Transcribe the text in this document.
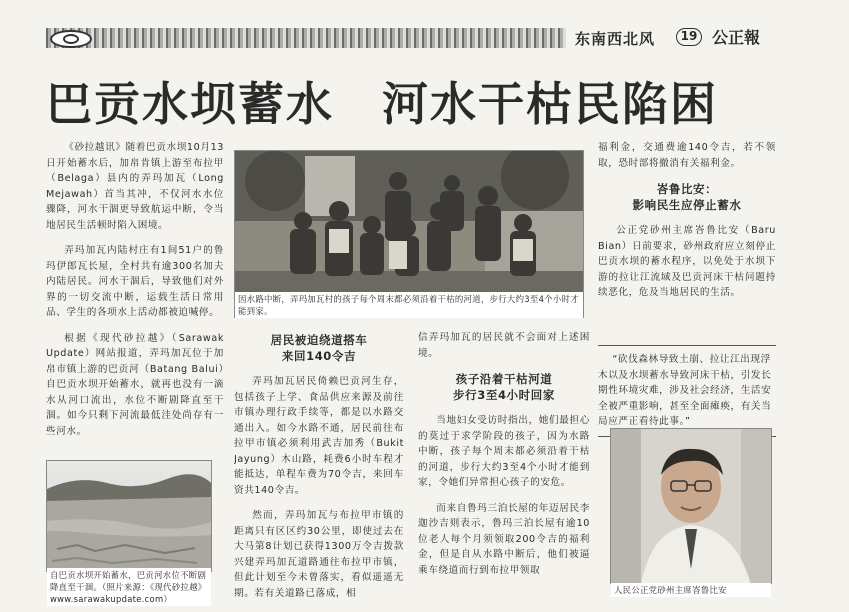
东南西北风	19 公正報
巴贡水坝蓄水　河水干枯民陷困

《砂拉越讯》随着巴贡水坝10月13日开始蓄水后，加帛肯镇上游至布拉甲（Belaga）县内的弄玛加瓦（Long Mejawah）首当其冲，不仅河水水位骤降，河水干涸更导致航运中断，令当地居民生活顿时陷入困境。

弄玛加瓦内陆村庄有1间51户的鲁玛伊郎瓦长屋，全村共有逾300名加夫内陆居民。河水干涸后，导致他们对外界的一切交流中断，运载生活日常用品、学生的各项水上活动都被迫喊停。

根据《现代砂拉越》（Sarawak Update）网站报道，弄玛加瓦位于加帛市镇上游的巴贡河（Batang Balui）自巴贡水坝开始蓄水，就再也没有一滴水从河口流出，水位不断剧降直至干涸。如今只剩下河流最低洼处尚存有一些河水。

自巴贡水坝开始蓄水，巴贡河水位不断剧降直至干涸。（照片来源：《现代砂拉越》www.sarawakupdate.com）
因水路中断，弄玛加瓦村的孩子每个周末都必须沿着干枯的河道，步行大约3至4个小时才能到家。
居民被迫绕道搭车
来回140令吉

弄玛加瓦居民倚赖巴贡河生存，包括孩子上学、食品供应来源及前往市镇办理行政手续等，都是以水路交通出入。如今水路不通，居民前往布拉甲市镇必须利用武吉加秀（Bukit Jayung）木山路，耗费6小时车程才能抵达，单程车费为70令吉，来回车资共140令吉。

然而，弄玛加瓦与布拉甲市镇的距离只有区区约30公里，即使过去在大马第8计划已获得1300万令吉拨款兴建弄玛加瓦道路通往布拉甲市镇，但此计划至今未曾落实，看似遥遥无期。若有关道路已落成，相

信弄玛加瓦的居民就不会面对上述困境。

孩子沿着干枯河道
步行3至4小时回家

当地妇女受访时指出，她们最担心的莫过于求学阶段的孩子，因为水路中断，孩子每个周末都必须沿着干枯的河道，步行大约3至4个小时才能到家，令她们异常担心孩子的安危。

而来自鲁玛三泊长屋的年迈居民李迦沙吉则表示，鲁玛三泊长屋有逾10位老人每个月须领取200令吉的福利金，但是自从水路中断后，他们被逼乘车绕道而行到布拉甲领取

福利金，交通费逾140令吉，若不领取，恐时部将撤消有关福利金。

峇鲁比安：
影响民生应停止蓄水

公正党砂州主席峇鲁比安（Baru Bian）日前要求，砂州政府应立刻停止巴贡水坝的蓄水程序，以免处于水坝下游的拉让江流域及巴贡河床干枯问题持续恶化，危及当地居民的生活。

“砍伐森林导致土崩、拉让江出现浮木以及水坝蓄水导致河床干枯，引发长期性环境灾难，涉及社会经济，生活安全被严重影响，甚至全面瘫痪，有关当局应严正看待此事。”
人民公正党砂州主席峇鲁比安
